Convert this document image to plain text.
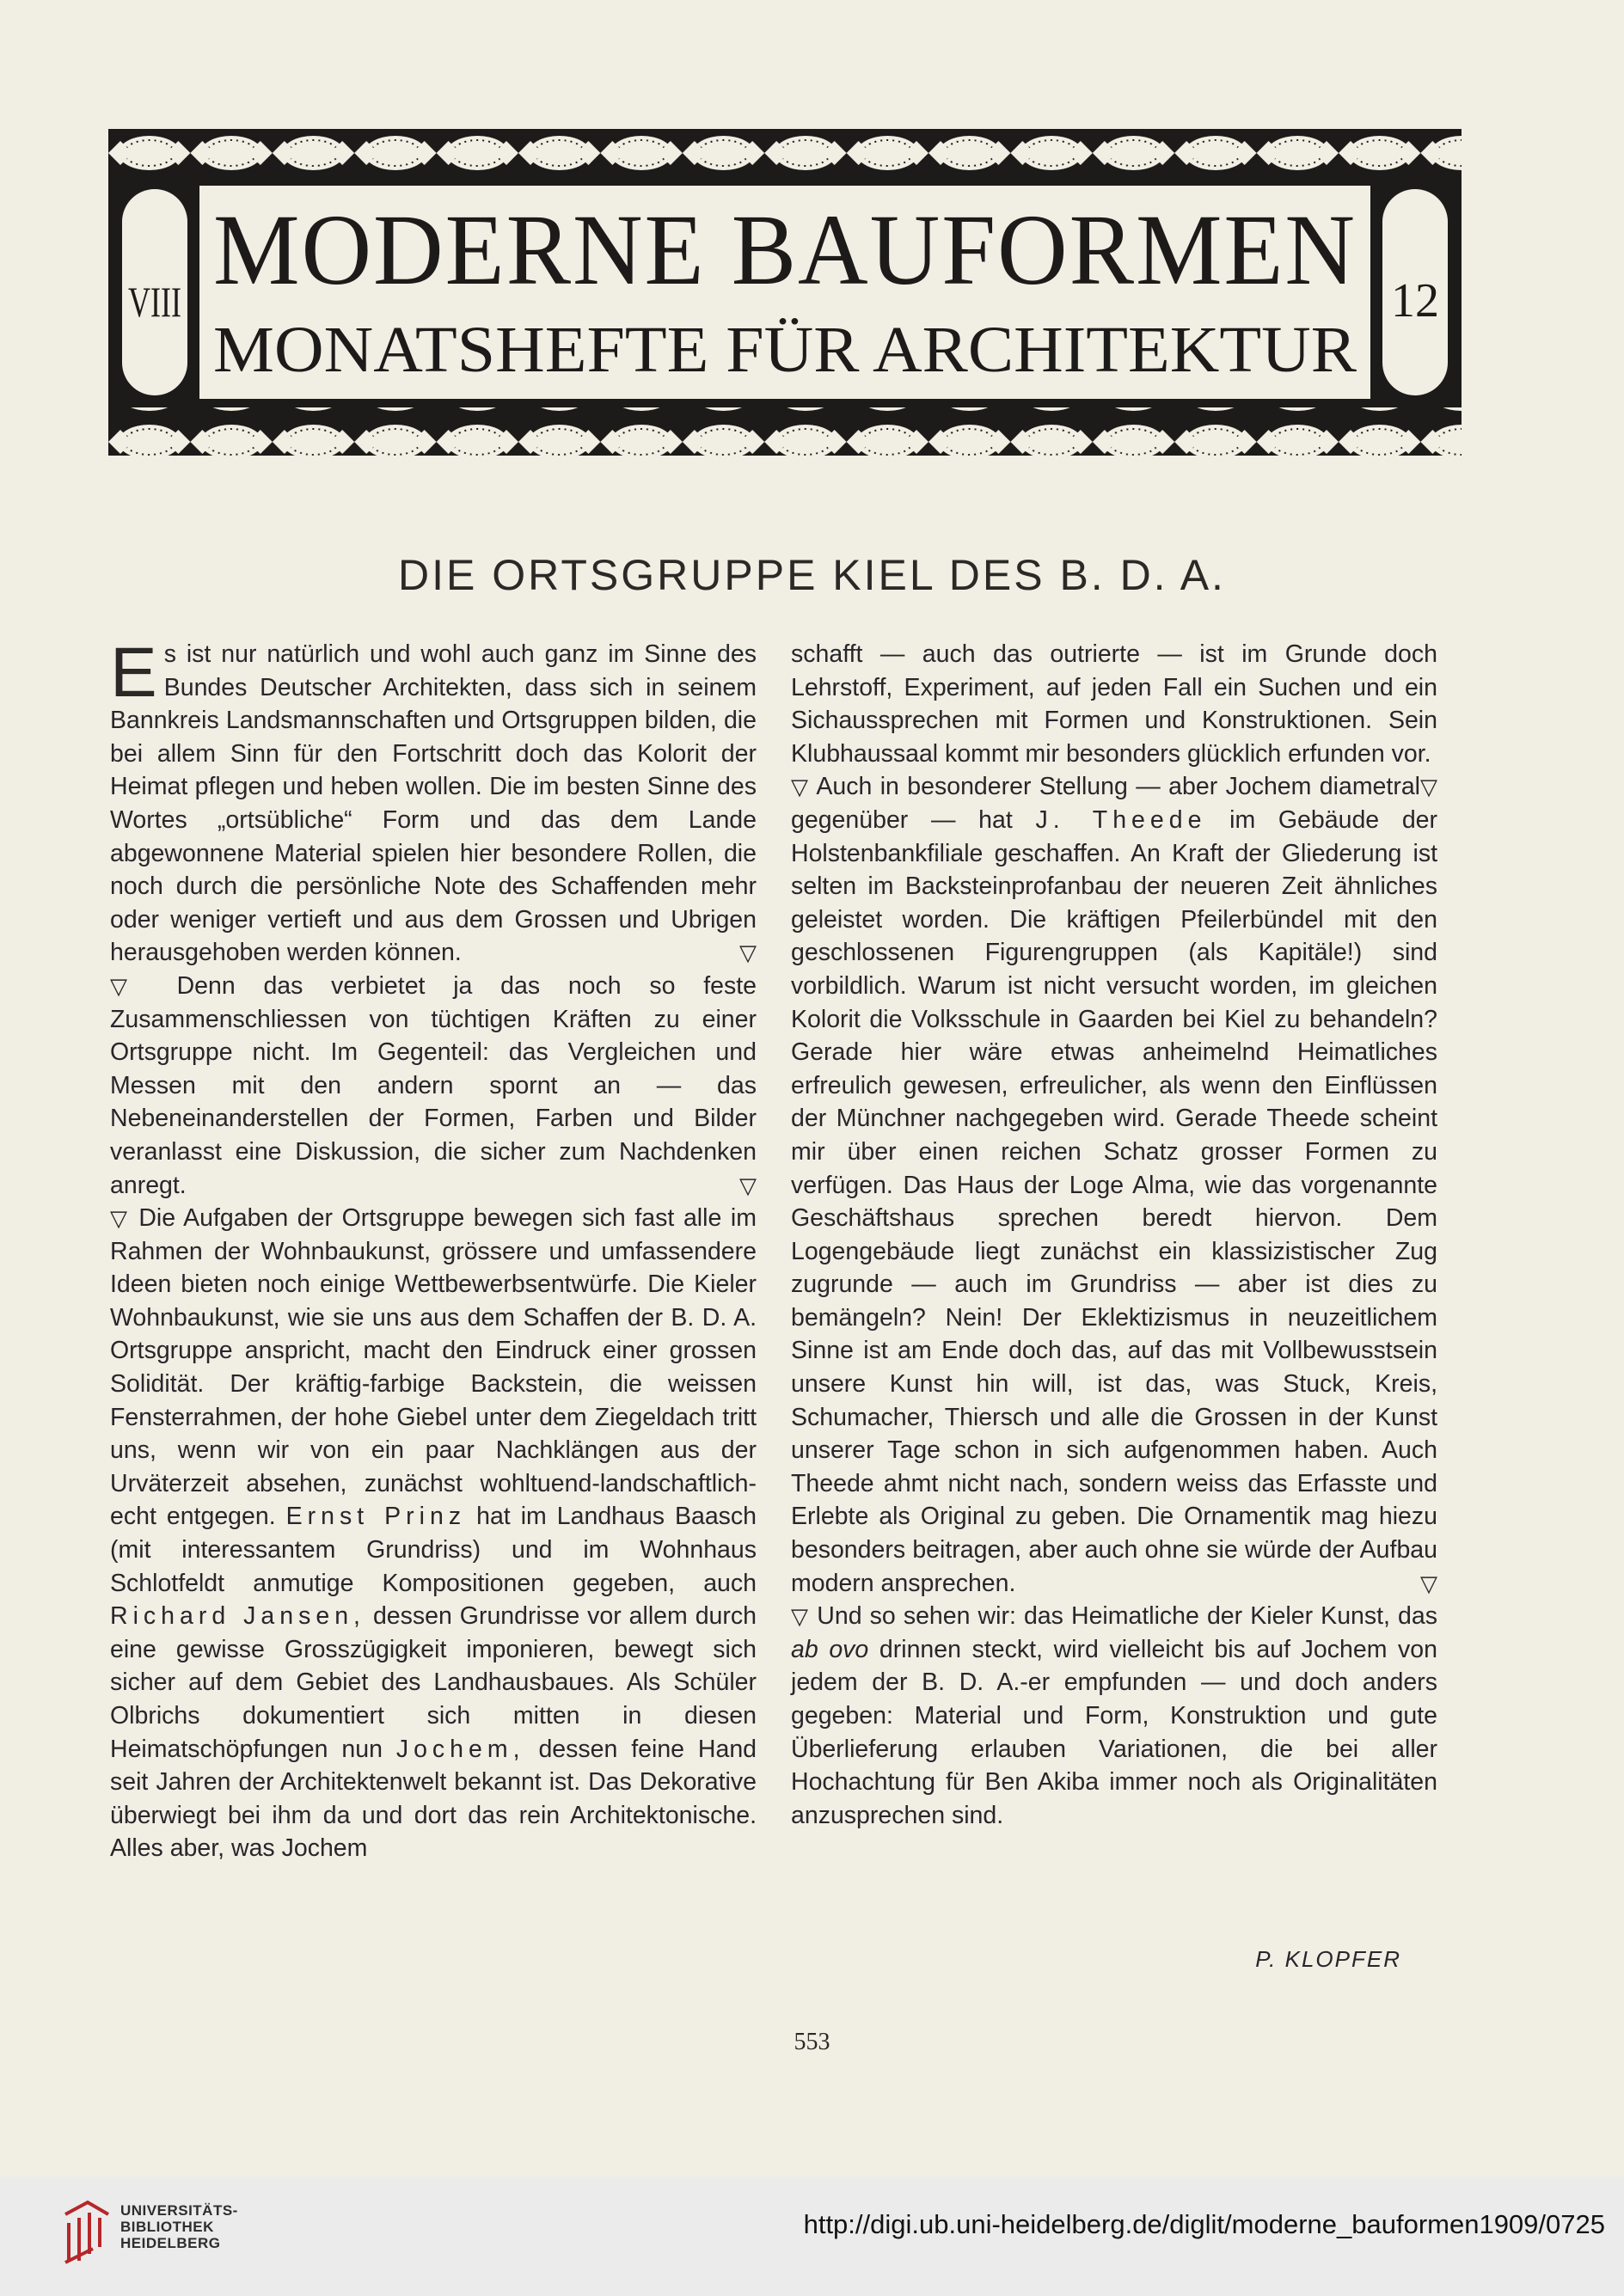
MODERNE BAUFORMEN
MONATSHEFTE FÜR ARCHITEKTUR
VIII	12
DIE ORTSGRUPPE KIEL DES B. D. A.

Es ist nur natürlich und wohl auch ganz im Sinne des Bundes Deutscher Architekten, dass sich in seinem Bannkreis Landsmannschaften und Ortsgruppen bilden, die bei allem Sinn für den Fortschritt doch das Kolorit der Heimat pflegen und heben wollen. Die im besten Sinne des Wortes „ortsübliche“ Form und das dem Lande abgewonnene Material spielen hier besondere Rollen, die noch durch die persönliche Note des Schaffenden mehr oder weniger vertieft und aus dem Grossen und Ubrigen herausgehoben werden können.	▽

▽ Denn das verbietet ja das noch so feste Zusammenschliessen von tüchtigen Kräften zu einer Ortsgruppe nicht. Im Gegenteil: das Vergleichen und Messen mit den andern spornt an — das Nebeneinanderstellen der Formen, Farben und Bilder veranlasst eine Diskussion, die sicher zum Nachdenken anregt.	▽

▽ Die Aufgaben der Ortsgruppe bewegen sich fast alle im Rahmen der Wohnbaukunst, grössere und umfassendere Ideen bieten noch einige Wettbewerbsentwürfe. Die Kieler Wohnbaukunst, wie sie uns aus dem Schaffen der B. D. A. Ortsgruppe anspricht, macht den Eindruck einer grossen Solidität. Der kräftig-farbige Backstein, die weissen Fensterrahmen, der hohe Giebel unter dem Ziegeldach tritt uns, wenn wir von ein paar Nachklängen aus der Urväterzeit absehen, zunächst wohltuend-landschaftlich-echt entgegen. Ernst Prinz hat im Landhaus Baasch (mit interessantem Grundriss) und im Wohnhaus Schlotfeldt anmutige Kompositionen gegeben, auch Richard Jansen, dessen Grundrisse vor allem durch eine gewisse Grosszügigkeit imponieren, bewegt sich sicher auf dem Gebiet des Landhausbaues. Als Schüler Olbrichs dokumentiert sich mitten in diesen Heimatschöpfungen nun Jochem, dessen feine Hand seit Jahren der Architektenwelt bekannt ist. Das Dekorative überwiegt bei ihm da und dort das rein Architektonische. Alles aber, was Jochem

schafft — auch das outrierte — ist im Grunde doch Lehrstoff, Experiment, auf jeden Fall ein Suchen und ein Sichaussprechen mit Formen und Konstruktionen. Sein Klubhaussaal kommt mir besonders glücklich erfunden vor.
▽

▽ Auch in besonderer Stellung — aber Jochem diametral gegenüber — hat J. Theede im Gebäude der Holstenbankfiliale geschaffen. An Kraft der Gliederung ist selten im Backsteinprofanbau der neueren Zeit ähnliches geleistet worden. Die kräftigen Pfeilerbündel mit den geschlossenen Figurengruppen (als Kapitäle!) sind vorbildlich. Warum ist nicht versucht worden, im gleichen Kolorit die Volksschule in Gaarden bei Kiel zu behandeln? Gerade hier wäre etwas anheimelnd Heimatliches erfreulich gewesen, erfreulicher, als wenn den Einflüssen der Münchner nachgegeben wird. Gerade Theede scheint mir über einen reichen Schatz grosser Formen zu verfügen. Das Haus der Loge Alma, wie das vorgenannte Geschäftshaus sprechen beredt hiervon. Dem Logengebäude liegt zunächst ein klassizistischer Zug zugrunde — auch im Grundriss — aber ist dies zu bemängeln? Nein! Der Eklektizismus in neuzeitlichem Sinne ist am Ende doch das, auf das mit Vollbewusstsein unsere Kunst hin will, ist das, was Stuck, Kreis, Schumacher, Thiersch und alle die Grossen in der Kunst unserer Tage schon in sich aufgenommen haben. Auch Theede ahmt nicht nach, sondern weiss das Erfasste und Erlebte als Original zu geben. Die Ornamentik mag hiezu besonders beitragen, aber auch ohne sie würde der Aufbau modern ansprechen.	▽

▽ Und so sehen wir: das Heimatliche der Kieler Kunst, das ab ovo drinnen steckt, wird vielleicht bis auf Jochem von jedem der B. D. A.-er empfunden — und doch anders gegeben: Material und Form, Konstruktion und gute Überlieferung erlauben Variationen, die bei aller Hochachtung für Ben Akiba immer noch als Originalitäten anzusprechen sind.

P. KLOPFER
553
UNIVERSITÄTS-
BIBLIOTHEK
HEIDELBERG
http://digi.ub.uni-heidelberg.de/diglit/moderne_bauformen1909/0725
